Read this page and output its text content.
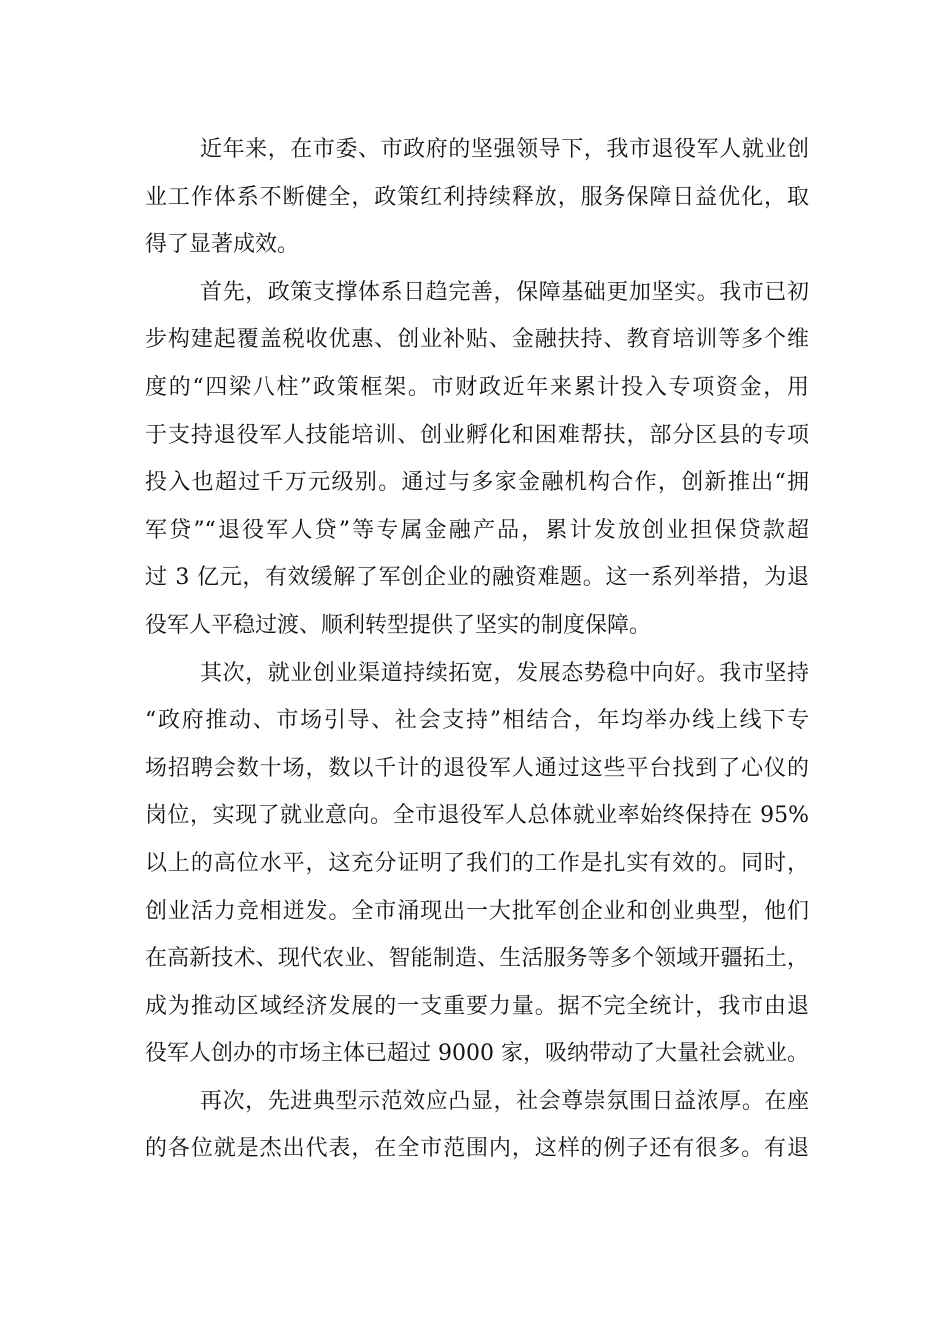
近年来，在市委、市政府的坚强领导下，我市退役军人就业创
业工作体系不断健全，政策红利持续释放，服务保障日益优化，取
得了显著成效。
首先，政策支撑体系日趋完善，保障基础更加坚实。我市已初
步构建起覆盖税收优惠、创业补贴、金融扶持、教育培训等多个维
度的“四梁八柱”政策框架。市财政近年来累计投入专项资金，用
于支持退役军人技能培训、创业孵化和困难帮扶，部分区县的专项
投入也超过千万元级别。通过与多家金融机构合作，创新推出“拥
军贷”“退役军人贷”等专属金融产品，累计发放创业担保贷款超
过 3 亿元，有效缓解了军创企业的融资难题。这一系列举措，为退
役军人平稳过渡、顺利转型提供了坚实的制度保障。
其次，就业创业渠道持续拓宽，发展态势稳中向好。我市坚持
“政府推动、市场引导、社会支持”相结合，年均举办线上线下专
场招聘会数十场，数以千计的退役军人通过这些平台找到了心仪的
岗位，实现了就业意向。全市退役军人总体就业率始终保持在 95%
以上的高位水平，这充分证明了我们的工作是扎实有效的。同时，
创业活力竞相迸发。全市涌现出一大批军创企业和创业典型，他们
在高新技术、现代农业、智能制造、生活服务等多个领域开疆拓土，
成为推动区域经济发展的一支重要力量。据不完全统计，我市由退
役军人创办的市场主体已超过 9000 家，吸纳带动了大量社会就业。
再次，先进典型示范效应凸显，社会尊崇氛围日益浓厚。在座
的各位就是杰出代表，在全市范围内，这样的例子还有很多。有退
